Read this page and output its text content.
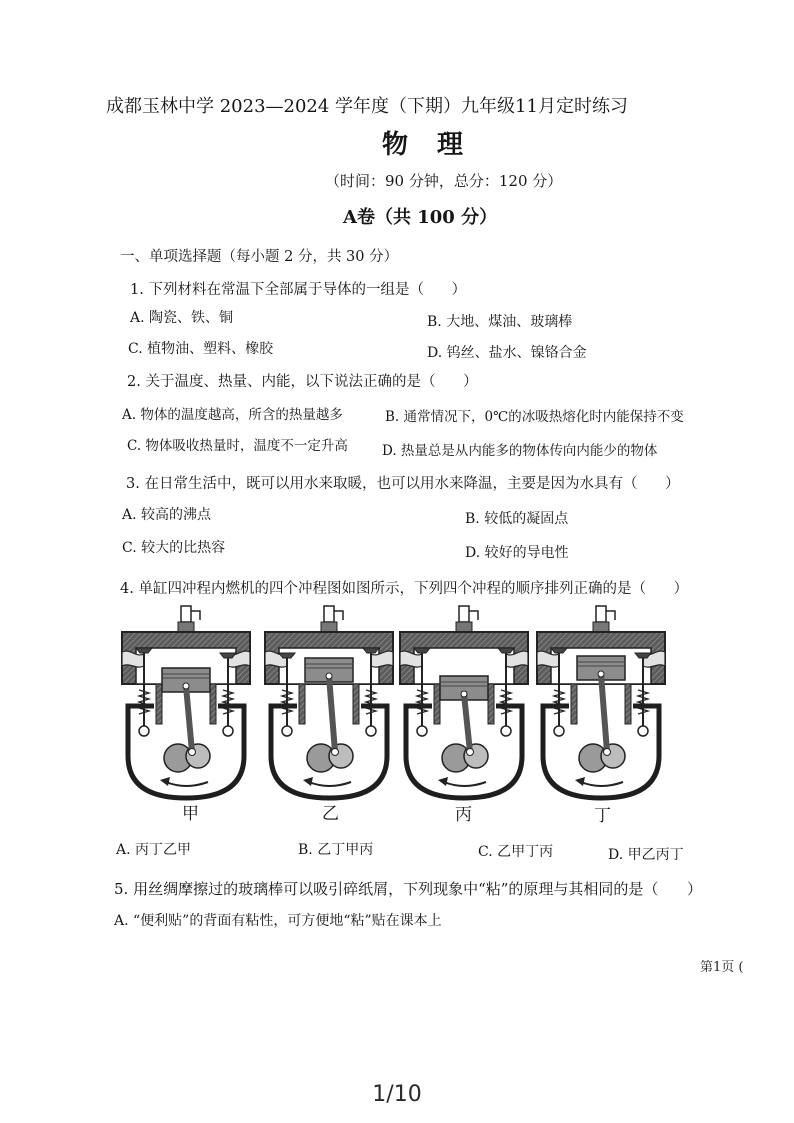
成都玉林中学 2023—2024 学年度（下期）九年级11月定时练习
物 理
（时间：90 分钟，总分：120 分）
A卷（共 100 分）
一、单项选择题（每小题 2 分，共 30 分）
1. 下列材料在常温下全部属于导体的一组是（      ）
A. 陶瓷、铁、铜	B. 大地、煤油、玻璃棒
C. 植物油、塑料、橡胶	D. 钨丝、盐水、镍铬合金
2. 关于温度、热量、内能，以下说法正确的是（      ）
A. 物体的温度越高，所含的热量越多	B. 通常情况下，0℃的冰吸热熔化时内能保持不变
C. 物体吸收热量时，温度不一定升高	D. 热量总是从内能多的物体传向内能少的物体
3. 在日常生活中，既可以用水来取暖，也可以用水来降温，主要是因为水具有（      ）
A. 较高的沸点	B. 较低的凝固点
C. 较大的比热容	D. 较好的导电性
4. 单缸四冲程内燃机的四个冲程图如图所示，下列四个冲程的顺序排列正确的是（      ）
甲	乙	丙	丁
A. 丙丁乙甲	B. 乙丁甲丙	C. 乙甲丁丙	D. 甲乙丙丁
5. 用丝绸摩擦过的玻璃棒可以吸引碎纸屑，下列现象中“粘”的原理与其相同的是（      ）
A. “便利贴”的背面有粘性，可方便地“粘”贴在课本上
第1页 (
1/10
